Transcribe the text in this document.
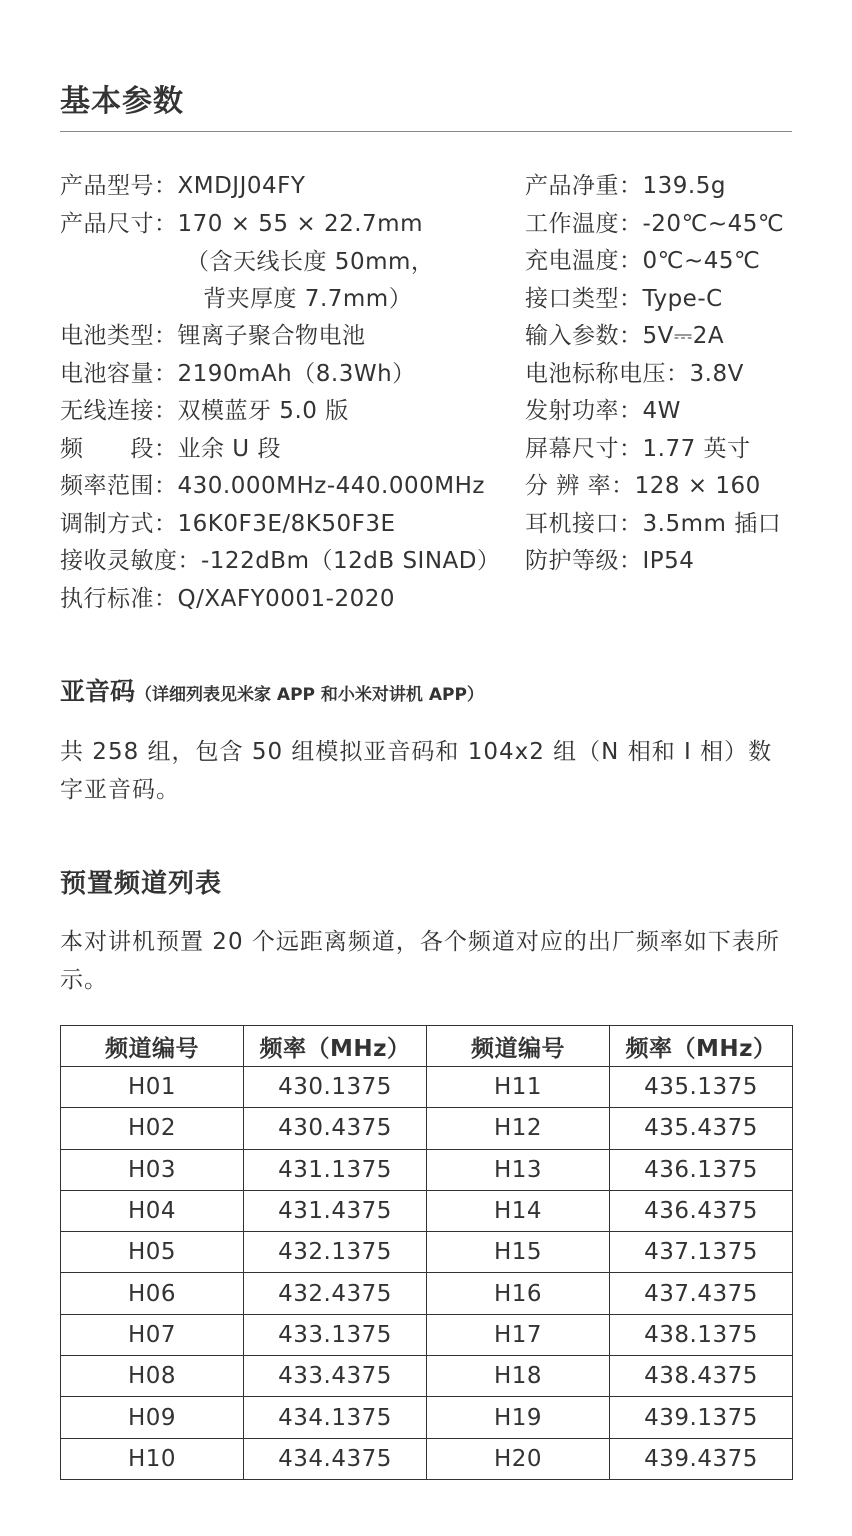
基本参数
产品型号：XMDJJ04FY
产品尺寸：170 × 55 × 22.7mm
（含天线长度 50mm，
背夹厚度 7.7mm）
电池类型：锂离子聚合物电池
电池容量：2190mAh（8.3Wh）
无线连接：双模蓝牙 5.0 版
频　　段：业余 U 段
频率范围：430.000MHz-440.000MHz
调制方式：16K0F3E/8K50F3E
接收灵敏度：-122dBm（12dB SINAD）
执行标准：Q/XAFY0001-2020
产品净重：139.5g
工作温度：-20℃~45℃
充电温度：0℃~45℃
接口类型：Type-C
输入参数：5V⎓2A
电池标称电压：3.8V
发射功率：4W
屏幕尺寸：1.77 英寸
分 辨 率：128 × 160
耳机接口：3.5mm 插口
防护等级：IP54
亚音码（详细列表见米家 APP 和小米对讲机 APP）

共 258 组，包含 50 组模拟亚音码和 104x2 组（N 相和 I 相）数字亚音码。

预置频道列表

本对讲机预置 20 个远距离频道，各个频道对应的出厂频率如下表所示。

频道编号	频率（MHz）	频道编号	频率（MHz）
H01	430.1375	H11	435.1375
H02	430.4375	H12	435.4375
H03	431.1375	H13	436.1375
H04	431.4375	H14	436.4375
H05	432.1375	H15	437.1375
H06	432.4375	H16	437.4375
H07	433.1375	H17	438.1375
H08	433.4375	H18	438.4375
H09	434.1375	H19	439.1375
H10	434.4375	H20	439.4375
